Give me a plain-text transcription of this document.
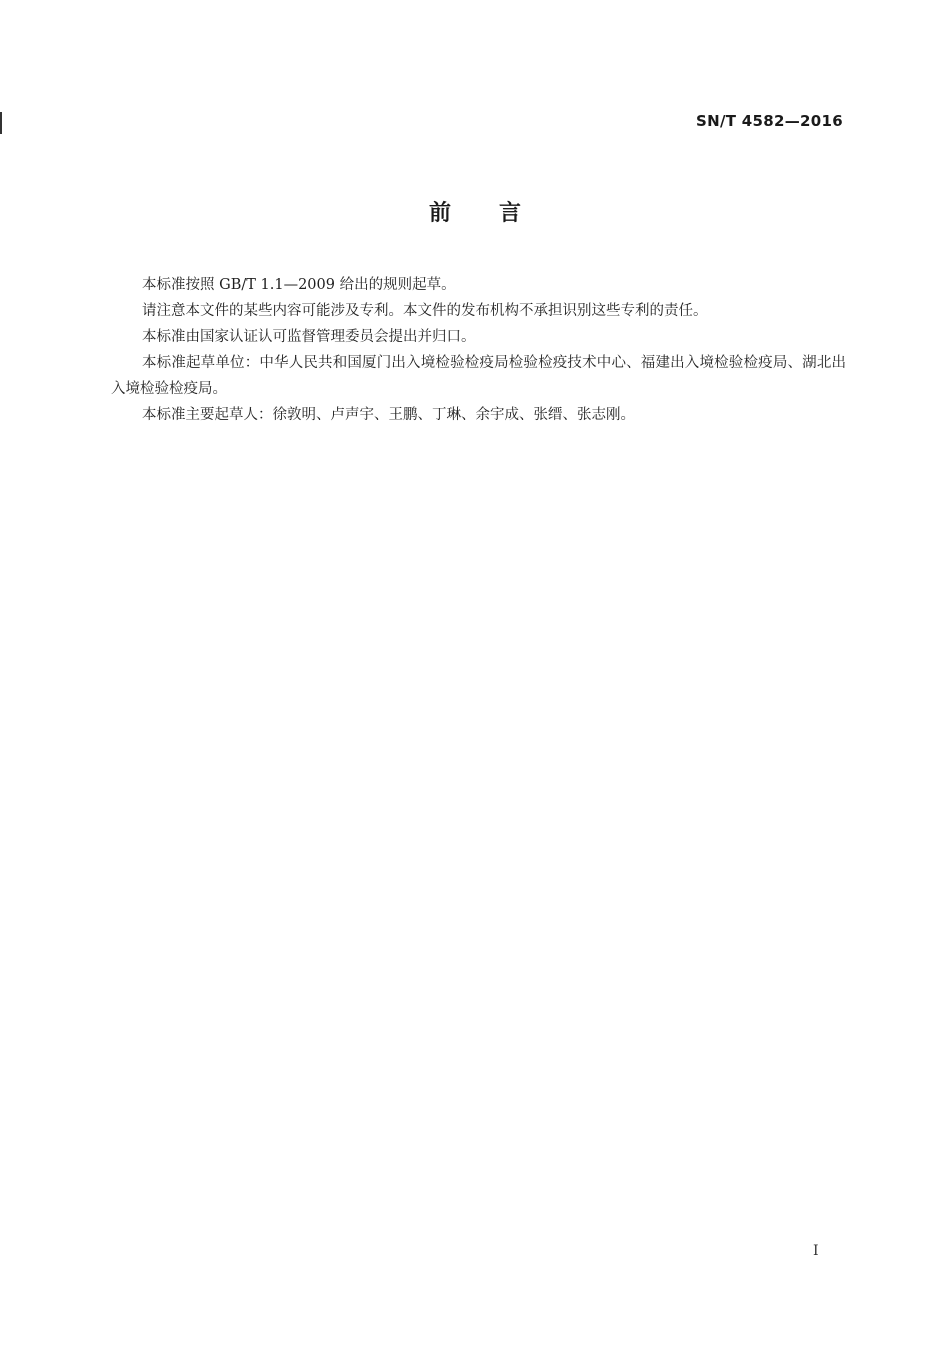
SN/T 4582—2016
前言

本标准按照 GB/T 1.1—2009 给出的规则起草。

请注意本文件的某些内容可能涉及专利。本文件的发布机构不承担识别这些专利的责任。

本标准由国家认证认可监督管理委员会提出并归口。

本标准起草单位：中华人民共和国厦门出入境检验检疫局检验检疫技术中心、福建出入境检验检疫局、湖北出入境检验检疫局。

本标准主要起草人：徐敦明、卢声宇、王鹏、丁琳、余宇成、张缙、张志刚。

I
